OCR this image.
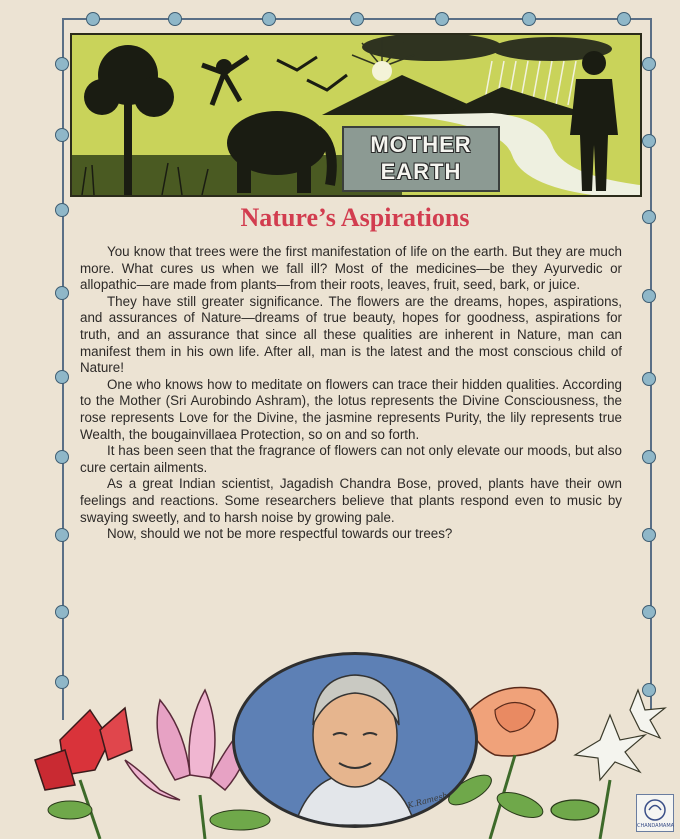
MOTHER
EARTH
Nature’s Aspirations

You know that trees were the first manifestation of life on the earth. But they are much more. What cures us when we fall ill? Most of the medicines—be they Ayurvedic or allopathic—are made from plants—from their roots, leaves, fruit, seed, bark, or juice.

They have still greater significance. The flowers are the dreams, hopes, aspirations, and assurances of Nature—dreams of true beauty, hopes for goodness, aspirations for truth, and an assurance that since all these qualities are inherent in Nature, man can manifest them in his own life. After all, man is the latest and the most conscious child of Nature!

One who knows how to meditate on flowers can trace their hidden qualities. According to the Mother (Sri Aurobindo Ashram), the lotus represents the Divine Consciousness, the rose represents Love for the Divine, the jasmine represents Purity, the lily represents true Wealth, the bougainvillaea Protection, so on and so forth.

It has been seen that the fragrance of flowers can not only elevate our moods, but also cure certain ailments.

As a great Indian scientist, Jagadish Chandra Bose, proved, plants have their own feelings and reactions. Some researchers believe that plants respond even to music by swaying sweetly, and to harsh noise by growing pale.

Now, should we not be more respectful towards our trees?

K.Ramesh
CHANDAMAMA
